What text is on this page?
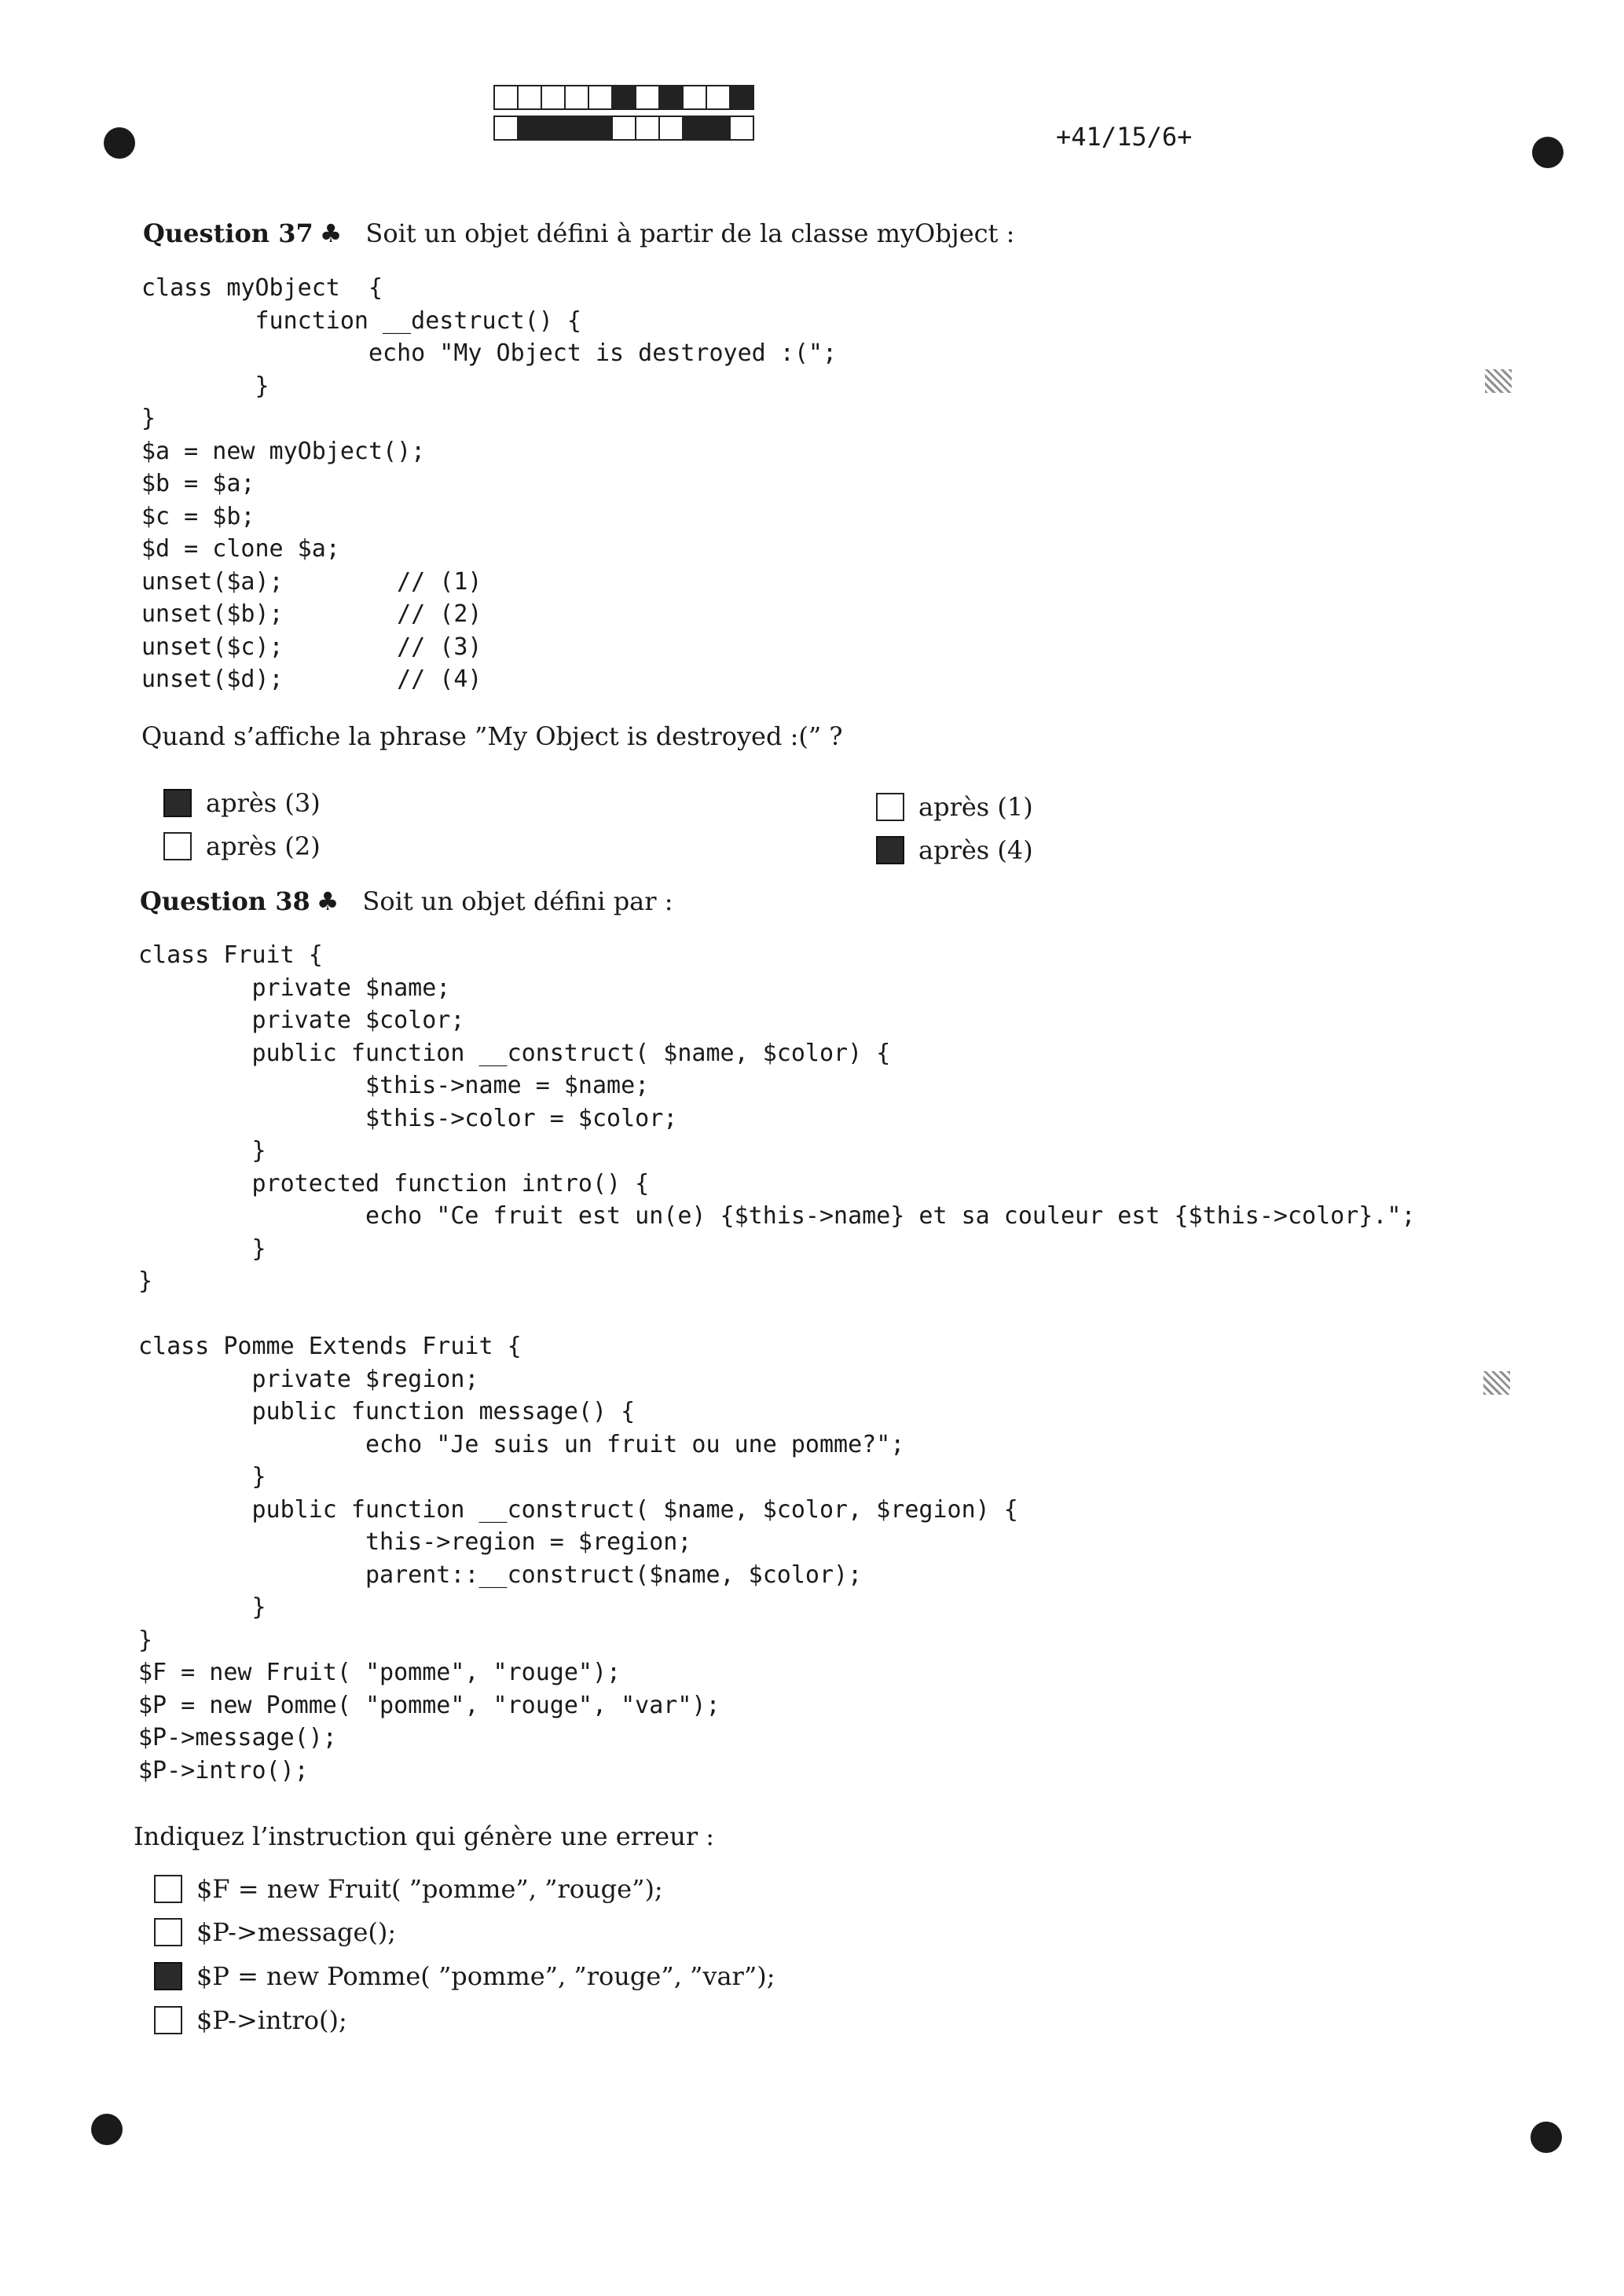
+41/15/6+
Question 37 ♣ Soit un objet défini à partir de la classe myObject :
class myObject  {
function __destruct() {
echo "My Object is destroyed :(";
}
}
$a = new myObject();
$b = $a;
$c = $b;
$d = clone $a;
unset($a);        // (1)
unset($b);        // (2)
unset($c);        // (3)
unset($d);        // (4)
Quand s’affiche la phrase ”My Object is destroyed :(” ?
après (3)
après (2)
après (1)
après (4)
Question 38 ♣ Soit un objet défini par :
class Fruit {
private $name;
private $color;
public function __construct( $name, $color) {
$this->name = $name;
$this->color = $color;
}
protected function intro() {
echo "Ce fruit est un(e) {$this->name} et sa couleur est {$this->color}.";
}
}

class Pomme Extends Fruit {
private $region;
public function message() {
echo "Je suis un fruit ou une pomme?";
}
public function __construct( $name, $color, $region) {
this->region = $region;
parent::__construct($name, $color);
}
}
$F = new Fruit( "pomme", "rouge");
$P = new Pomme( "pomme", "rouge", "var");
$P->message();
$P->intro();
Indiquez l’instruction qui génère une erreur :
$F = new Fruit( ”pomme”, ”rouge”);
$P->message();
$P = new Pomme( ”pomme”, ”rouge”, ”var”);
$P->intro();
